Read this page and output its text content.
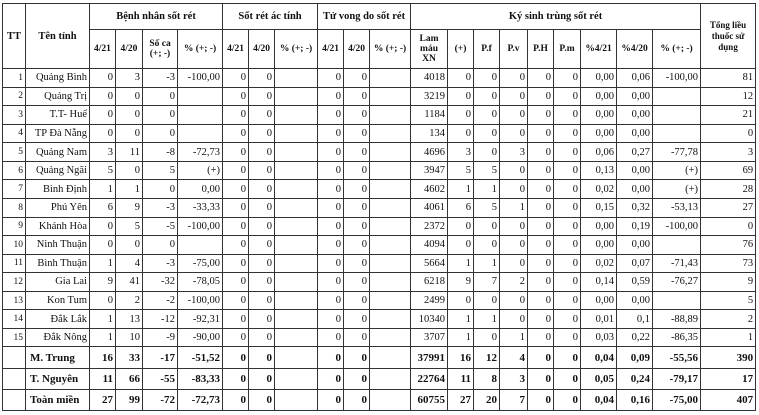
TT	Tên tỉnh	Bệnh nhân sốt rét				Sốt rét ác tính			Tử vong do sốt rét			Ký sinh trùng sốt rét									Tổng liều thuốc sử dụng
		4/21	4/20	Số ca (+; -)	% (+; -)	4/21	4/20	% (+; -)	4/21	4/20	% (+; -)	Lam máu XN	(+)	P.f	P.v	P.H	P.m	%4/21	%4/20	% (+; -)	
1	Quảng Bình	0	3	-3	-100,00	0	0		0	0		4018	0	0	0	0	0	0,00	0,06	-100,00	81
2	Quảng Trị	0	0	0		0	0		0	0		3219	0	0	0	0	0	0,00	0,00		12
3	T.T- Huế	0	0	0		0	0		0	0		1184	0	0	0	0	0	0,00	0,00		21
4	TP Đà Nẵng	0	0	0		0	0		0	0		134	0	0	0	0	0	0,00	0,00		0
5	Quảng Nam	3	11	-8	-72,73	0	0		0	0		4696	3	0	3	0	0	0,06	0,27	-77,78	3
6	Quảng Ngãi	5	0	5	(+)	0	0		0	0		3947	5	5	0	0	0	0,13	0,00	(+)	69
7	Bình Định	1	1	0	0,00	0	0		0	0		4602	1	1	0	0	0	0,02	0,00	(+)	28
8	Phú Yên	6	9	-3	-33,33	0	0		0	0		4061	6	5	1	0	0	0,15	0,32	-53,13	27
9	Khánh Hòa	0	5	-5	-100,00	0	0		0	0		2372	0	0	0	0	0	0,00	0,19	-100,00	0
10	Ninh Thuận	0	0	0		0	0		0	0		4094	0	0	0	0	0	0,00	0,00		76
11	Bình Thuận	1	4	-3	-75,00	0	0		0	0		5664	1	1	0	0	0	0,02	0,07	-71,43	73
12	Gia Lai	9	41	-32	-78,05	0	0		0	0		6218	9	7	2	0	0	0,14	0,59	-76,27	9
13	Kon Tum	0	2	-2	-100,00	0	0		0	0		2499	0	0	0	0	0	0,00	0,00		5
14	Đắk Lắk	1	13	-12	-92,31	0	0		0	0		10340	1	1	0	0	0	0,01	0,1	-88,89	2
15	Đắk Nông	1	10	-9	-90,00	0	0		0	0		3707	1	0	1	0	0	0,03	0,22	-86,35	1
	M. Trung	16	33	-17	-51,52	0	0		0	0		37991	16	12	4	0	0	0,04	0,09	-55,56	390
	T. Nguyên	11	66	-55	-83,33	0	0		0	0		22764	11	8	3	0	0	0,05	0,24	-79,17	17
	Toàn miền	27	99	-72	-72,73	0	0		0	0		60755	27	20	7	0	0	0,04	0,16	-75,00	407
